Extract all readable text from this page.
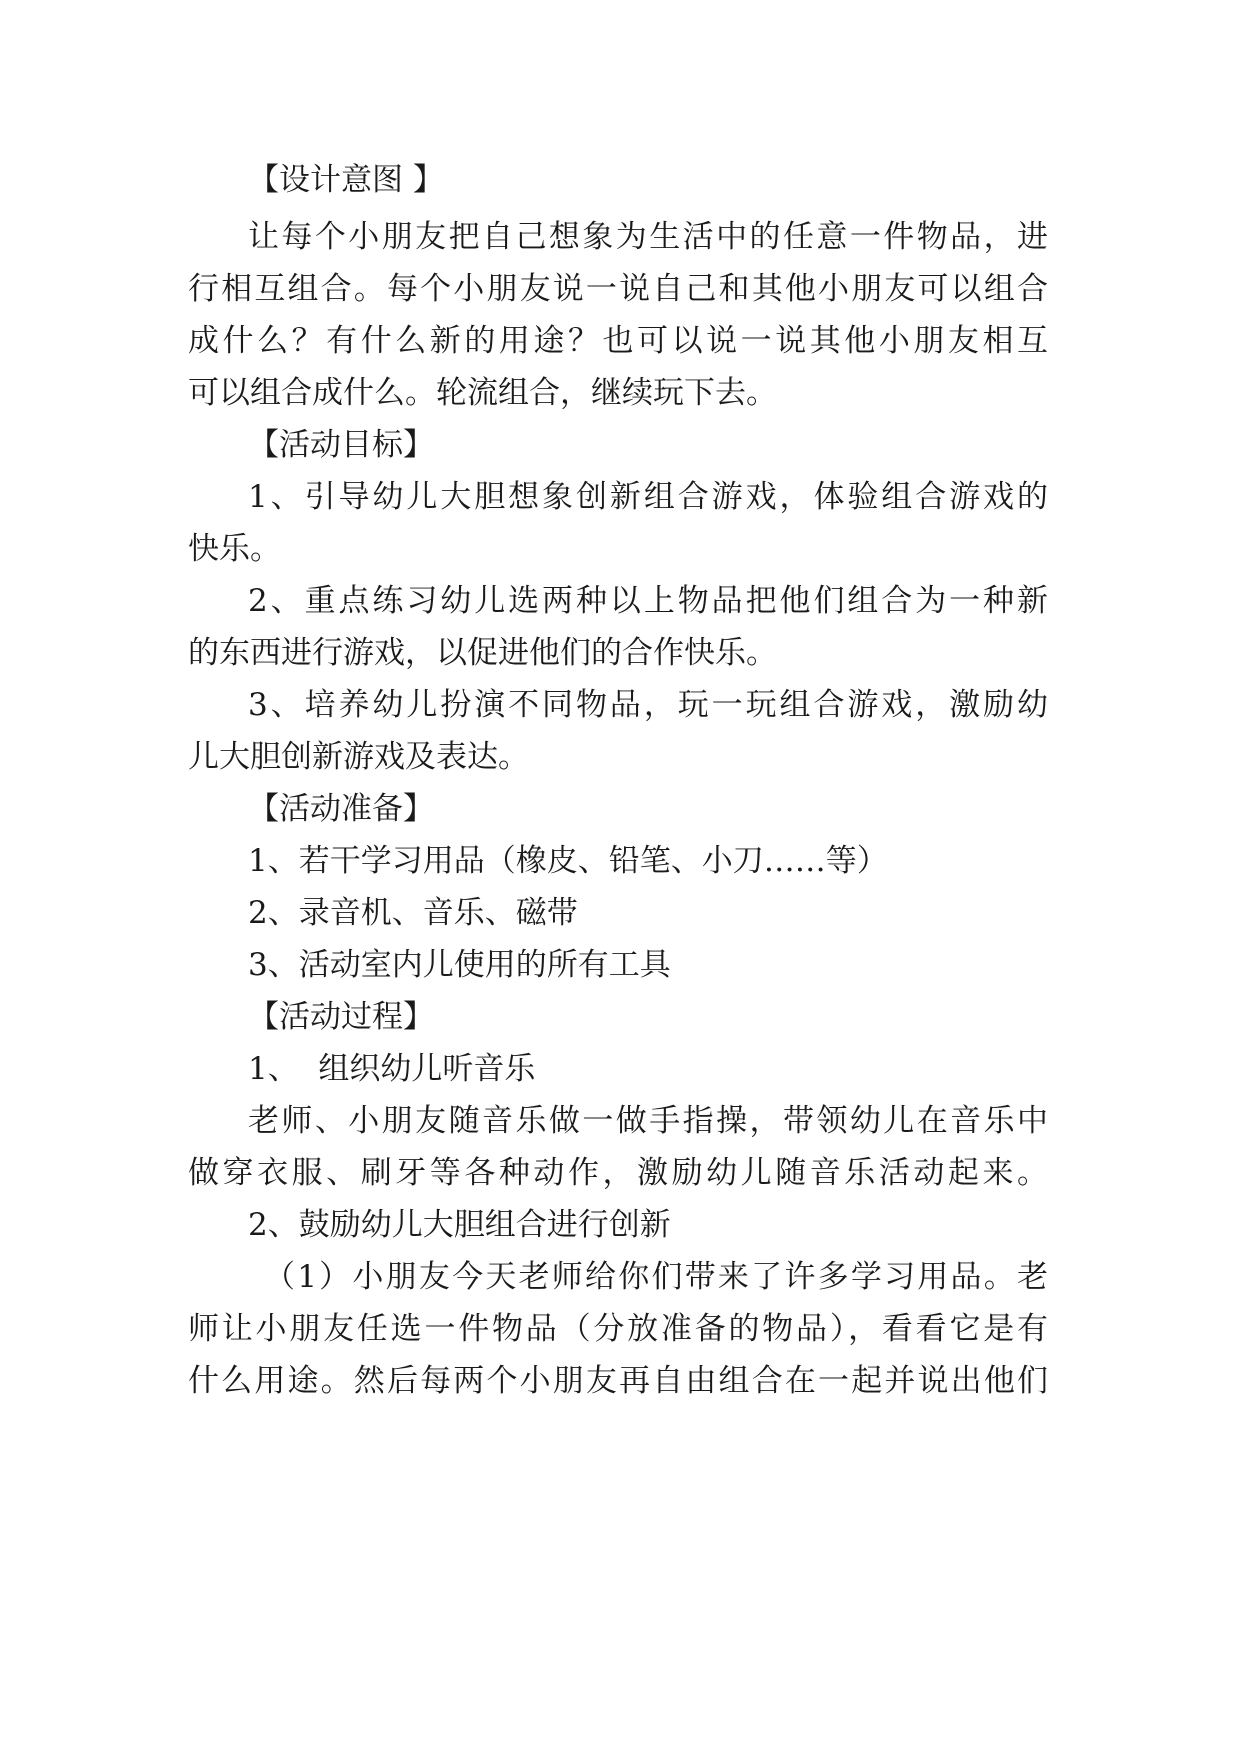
【设计意图 】
让每个小朋友把自己想象为生活中的任意一件物品，进
行相互组合。每个小朋友说一说自己和其他小朋友可以组合
成什么？有什么新的用途？也可以说一说其他小朋友相互
可以组合成什么。轮流组合，继续玩下去。
【活动目标】
1、引导幼儿大胆想象创新组合游戏，体验组合游戏的
快乐。
2、重点练习幼儿选两种以上物品把他们组合为一种新
的东西进行游戏，以促进他们的合作快乐。
3、培养幼儿扮演不同物品，玩一玩组合游戏，激励幼
儿大胆创新游戏及表达。
【活动准备】
1、若干学习用品（橡皮、铅笔、小刀……等）
2、录音机、音乐、磁带
3、活动室内儿使用的所有工具
【活动过程】
1、  组织幼儿听音乐
老师、小朋友随音乐做一做手指操，带领幼儿在音乐中
做穿衣服、刷牙等各种动作，激励幼儿随音乐活动起来。
2、鼓励幼儿大胆组合进行创新
（1）小朋友今天老师给你们带来了许多学习用品。老
师让小朋友任选一件物品（分放准备的物品），看看它是有
什么用途。然后每两个小朋友再自由组合在一起并说出他们
